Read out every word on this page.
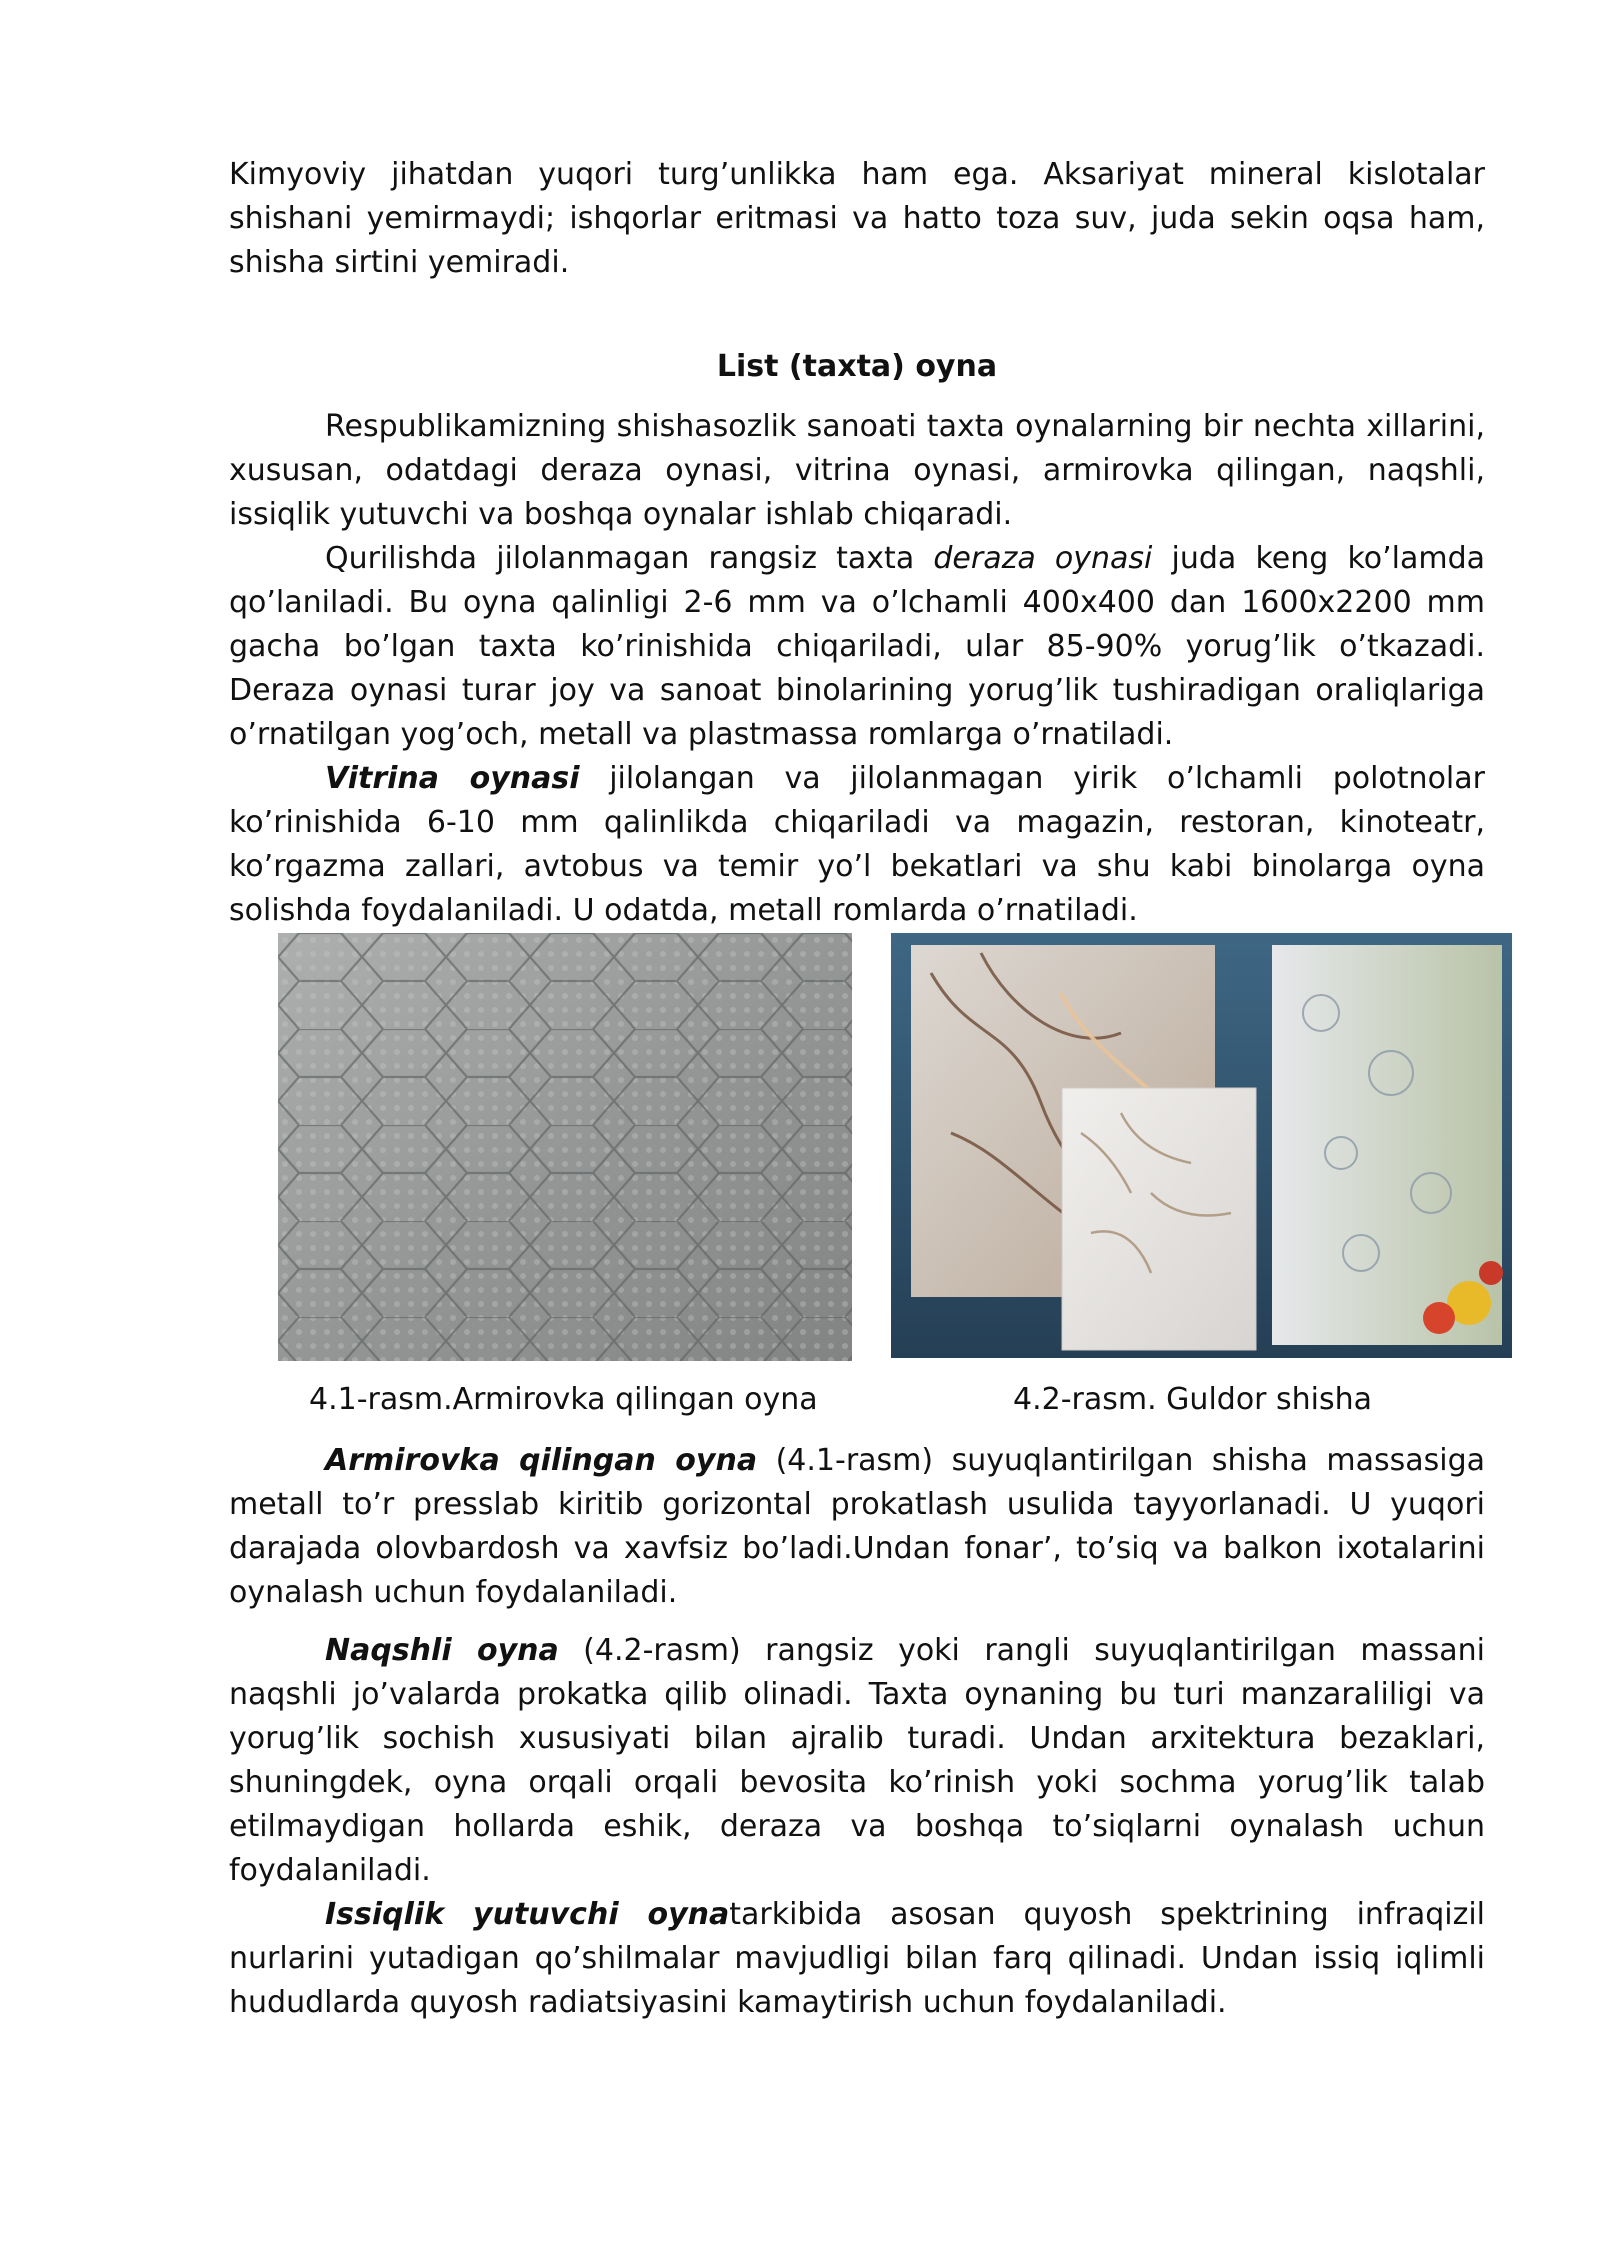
Kimyoviy jihatdan yuqori turg’unlikka ham ega. Aksariyat mineral kislotalar shishani yemirmaydi; ishqorlar eritmasi va hatto toza suv, juda sekin oqsa ham, shisha sirtini yemiradi.

List (taxta) oyna

Respublikamizning shishasozlik sanoati taxta oynalarning bir nechta xillarini, xususan, odatdagi deraza oynasi, vitrina oynasi, armirovka qilingan, naqshli, issiqlik yutuvchi va boshqa oynalar ishlab chiqaradi.

Qurilishda jilolanmagan rangsiz taxta deraza oynasi juda keng ko’lamda qo’laniladi. Bu oyna qalinligi 2-6 mm va o’lchamli 400x400 dan 1600x2200 mm gacha bo’lgan taxta ko’rinishida chiqariladi, ular 85-90% yorug’lik o’tkazadi. Deraza oynasi turar joy va sanoat binolarining yorug’lik tushiradigan oraliqlariga o’rnatilgan yog’och, metall va plastmassa romlarga o’rnatiladi.

Vitrina oynasi jilolangan va jilolanmagan yirik o’lchamli polotnolar ko’rinishida 6-10 mm qalinlikda chiqariladi va magazin, restoran, kinoteatr, ko’rgazma zallari, avtobus va temir yo’l bekatlari va shu kabi binolarga oyna solishda foydalaniladi. U odatda, metall romlarda o’rnatiladi.

4.1-rasm.Armirovka qilingan oyna	4.2-rasm. Guldor shisha

Armirovka qilingan oyna (4.1-rasm) suyuqlantirilgan shisha massasiga metall to’r presslab kiritib gorizontal prokatlash usulida tayyorlanadi. U yuqori darajada olovbardosh va xavfsiz bo’ladi.Undan fonar’, to’siq va balkon ixotalarini oynalash uchun foydalaniladi.

Naqshli oyna (4.2-rasm) rangsiz yoki rangli suyuqlantirilgan massani naqshli jo’valarda prokatka qilib olinadi. Taxta oynaning bu turi manzaraliligi va yorug’lik sochish xususiyati bilan ajralib turadi. Undan arxitektura bezaklari, shuningdek, oyna orqali orqali bevosita ko’rinish yoki sochma yorug’lik talab etilmaydigan hollarda eshik, deraza va boshqa to’siqlarni oynalash uchun foydalaniladi.

Issiqlik yutuvchi oynatarkibida asosan quyosh spektrining infraqizil nurlarini yutadigan qo’shilmalar mavjudligi bilan farq qilinadi. Undan issiq iqlimli hududlarda quyosh radiatsiyasini kamaytirish uchun foydalaniladi.
